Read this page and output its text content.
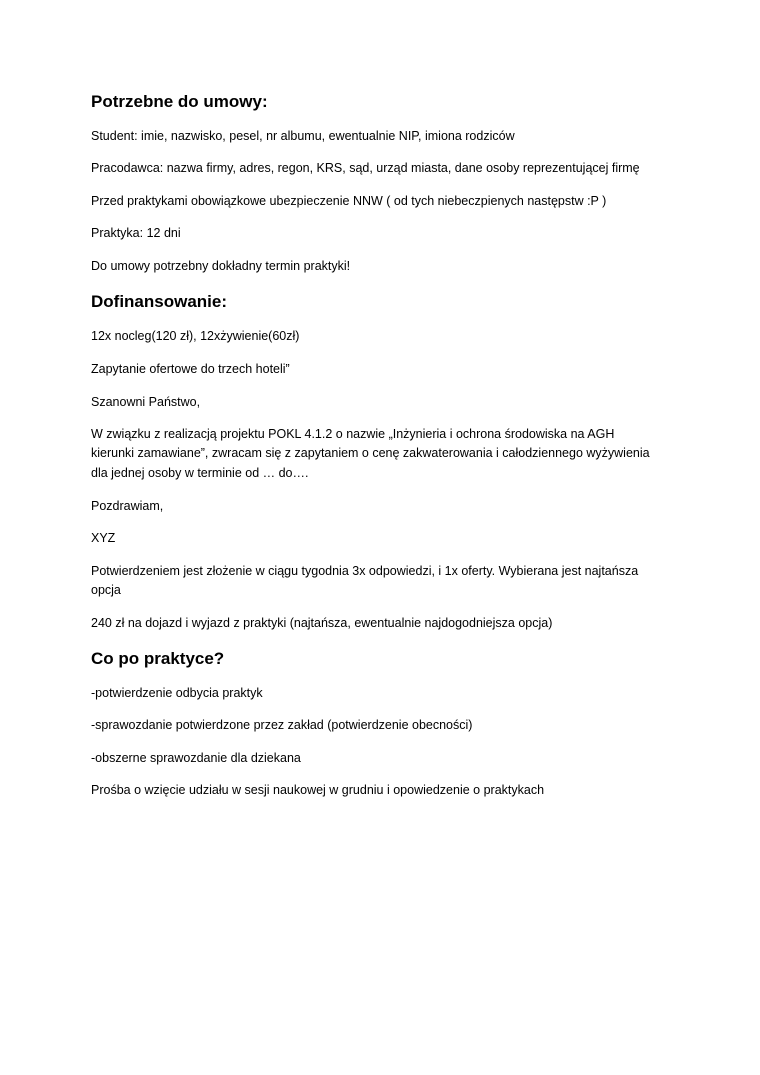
Potrzebne do umowy:
Student: imie, nazwisko, pesel, nr albumu, ewentualnie NIP, imiona rodziców
Pracodawca: nazwa firmy, adres, regon, KRS, sąd, urząd miasta, dane osoby reprezentującej firmę
Przed praktykami obowiązkowe ubezpieczenie NNW ( od tych niebeczpienych następstw :P )
Praktyka: 12 dni
Do umowy potrzebny dokładny termin praktyki!
Dofinansowanie:
12x nocleg(120 zł), 12xżywienie(60zł)
Zapytanie ofertowe do trzech hoteli”
Szanowni Państwo,
W związku z realizacją projektu POKL 4.1.2 o nazwie „Inżynieria i ochrona środowiska na AGH
kierunki zamawiane”, zwracam się z zapytaniem o cenę zakwaterowania i całodziennego wyżywienia
dla jednej osoby w terminie od … do….
Pozdrawiam,
XYZ
Potwierdzeniem jest złożenie w ciągu tygodnia 3x odpowiedzi, i 1x oferty. Wybierana jest najtańsza
opcja
240 zł na dojazd i wyjazd z praktyki (najtańsza, ewentualnie najdogodniejsza opcja)
Co po praktyce?
-potwierdzenie odbycia praktyk
-sprawozdanie potwierdzone przez zakład (potwierdzenie obecności)
-obszerne sprawozdanie dla dziekana
Prośba o wzięcie udziału w sesji naukowej w grudniu i opowiedzenie o praktykach
